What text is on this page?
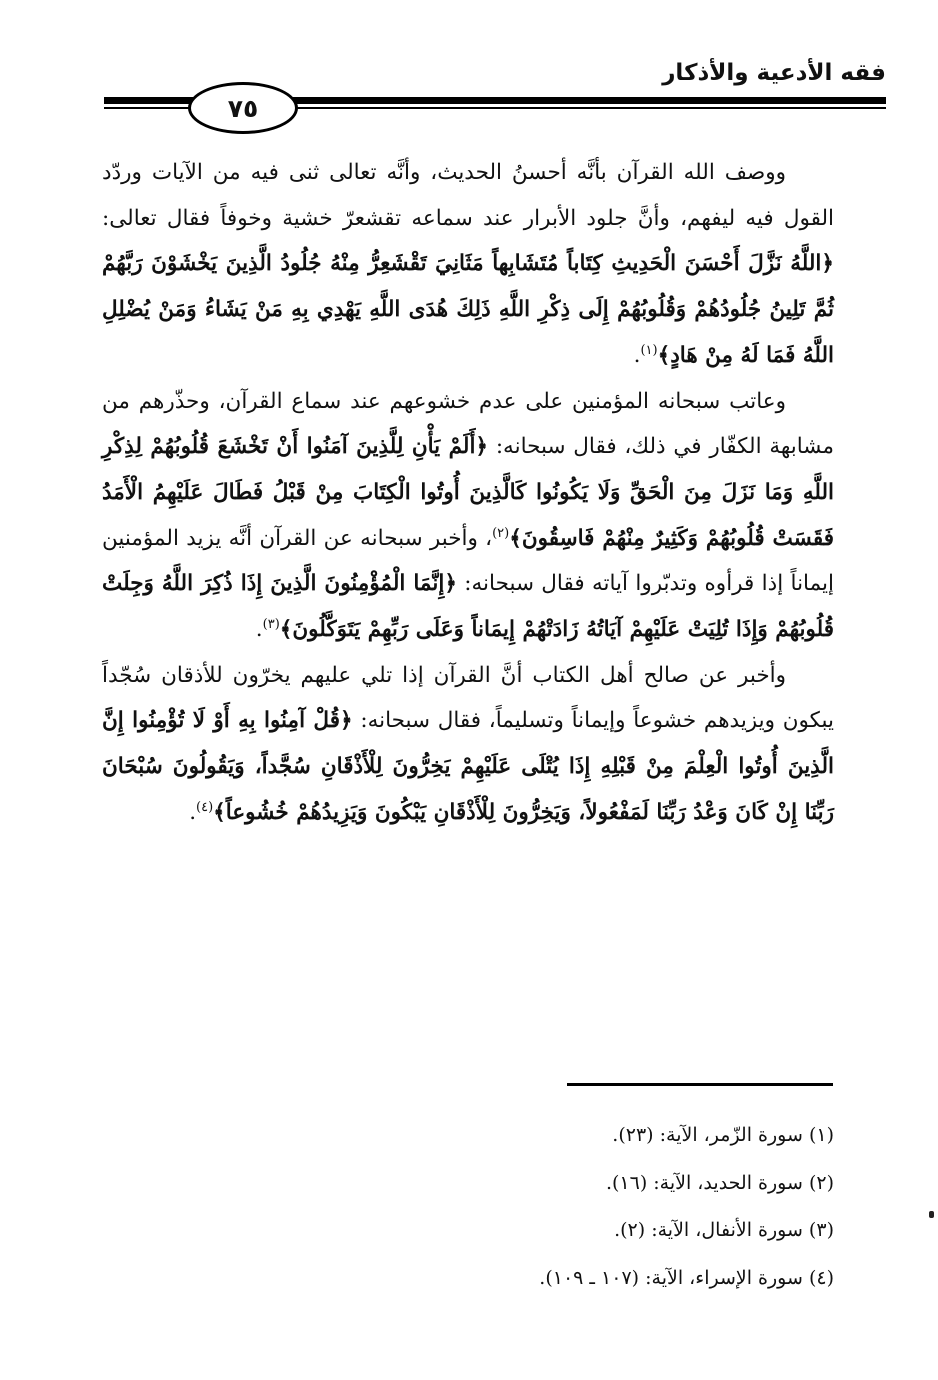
فقه الأدعية والأذكار
٧٥

ووصف الله القرآن بأنَّه أحسنُ الحديث، وأنَّه تعالى ثنى فيه من الآيات وردّد القول فيه ليفهم، وأنَّ جلود الأبرار عند سماعه تقشعرّ خشية وخوفاً فقال تعالى: ﴿اللَّهُ نَزَّلَ أَحْسَنَ الْحَدِيثِ كِتَاباً مُتَشَابِهاً مَثَانِيَ تَقْشَعِرُّ مِنْهُ جُلُودُ الَّذِينَ يَخْشَوْنَ رَبَّهُمْ ثُمَّ تَلِينُ جُلُودُهُمْ وَقُلُوبُهُمْ إِلَى ذِكْرِ اللَّهِ ذَلِكَ هُدَى اللَّهِ يَهْدِي بِهِ مَنْ يَشَاءُ وَمَنْ يُضْلِلِ اللَّهُ فَمَا لَهُ مِنْ هَادٍ﴾$^{(١)}$.

وعاتب سبحانه المؤمنين على عدم خشوعهم عند سماع القرآن، وحذّرهم من مشابهة الكفّار في ذلك، فقال سبحانه: ﴿أَلَمْ يَأْنِ لِلَّذِينَ آمَنُوا أَنْ تَخْشَعَ قُلُوبُهُمْ لِذِكْرِ اللَّهِ وَمَا نَزَلَ مِنَ الْحَقِّ وَلَا يَكُونُوا كَالَّذِينَ أُوتُوا الْكِتَابَ مِنْ قَبْلُ فَطَالَ عَلَيْهِمُ الْأَمَدُ فَقَسَتْ قُلُوبُهُمْ وَكَثِيرٌ مِنْهُمْ فَاسِقُونَ﴾$^{(٢)}$، وأخبر سبحانه عن القرآن أنَّه يزيد المؤمنين إيماناً إذا قرأوه وتدبّروا آياته فقال سبحانه: ﴿إِنَّمَا الْمُؤْمِنُونَ الَّذِينَ إِذَا ذُكِرَ اللَّهُ وَجِلَتْ قُلُوبُهُمْ وَإِذَا تُلِيَتْ عَلَيْهِمْ آيَاتُهُ زَادَتْهُمْ إِيمَاناً وَعَلَى رَبِّهِمْ يَتَوَكَّلُونَ﴾$^{(٣)}$.

وأخبر عن صالح أهل الكتاب أنَّ القرآن إذا تلي عليهم يخرّون للأذقان سُجّداً يبكون ويزيدهم خشوعاً وإيماناً وتسليماً، فقال سبحانه: ﴿قُلْ آمِنُوا بِهِ أَوْ لَا تُؤْمِنُوا إِنَّ الَّذِينَ أُوتُوا الْعِلْمَ مِنْ قَبْلِهِ إِذَا يُتْلَى عَلَيْهِمْ يَخِرُّونَ لِلْأَذْقَانِ سُجَّداً، وَيَقُولُونَ سُبْحَانَ رَبِّنَا إِنْ كَانَ وَعْدُ رَبِّنَا لَمَفْعُولاً، وَيَخِرُّونَ لِلْأَذْقَانِ يَبْكُونَ وَيَزِيدُهُمْ خُشُوعاً﴾$^{(٤)}$.

(١) سورة الزّمر، الآية: (٢٣).
(٢) سورة الحديد، الآية: (١٦).
(٣) سورة الأنفال، الآية: (٢).
(٤) سورة الإسراء، الآية: (١٠٧ ـ ١٠٩).
